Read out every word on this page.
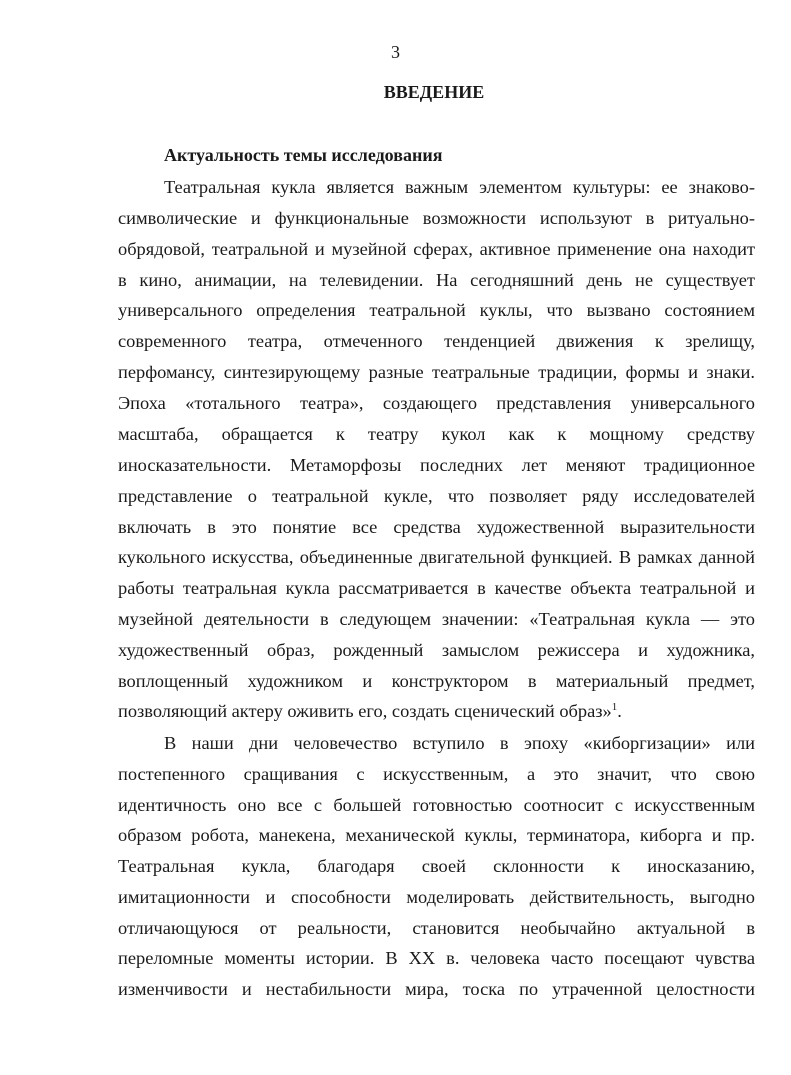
3
ВВЕДЕНИЕ
Актуальность темы исследования
Театральная кукла является важным элементом культуры: ее знаково-
символические и функциональные возможности используют в ритуально-
обрядовой, театральной и музейной сферах, активное применение она находит
в кино, анимации, на телевидении. На сегодняшний день не существует
универсального определения театральной куклы, что вызвано состоянием
современного театра, отмеченного тенденцией движения к зрелищу,
перфомансу, синтезирующему разные театральные традиции, формы и знаки.
Эпоха «тотального театра», создающего представления универсального
масштаба, обращается к театру кукол как к мощному средству
иносказательности. Метаморфозы последних лет меняют традиционное
представление о театральной кукле, что позволяет ряду исследователей
включать в это понятие все средства художественной выразительности
кукольного искусства, объединенные двигательной функцией. В рамках данной
работы театральная кукла рассматривается в качестве объекта театральной и
музейной деятельности в следующем значении: «Театральная кукла — это
художественный образ, рожденный замыслом режиссера и художника,
воплощенный художником и конструктором в материальный предмет,
позволяющий актеру оживить его, создать сценический образ»$^1$.
В наши дни человечество вступило в эпоху «киборгизации» или
постепенного сращивания с искусственным, а это значит, что свою
идентичность оно все с большей готовностью соотносит с искусственным
образом робота, манекена, механической куклы, терминатора, киборга и пр.
Театральная кукла, благодаря своей склонности к иносказанию,
имитационности и способности моделировать действительность, выгодно
отличающуюся от реальности, становится необычайно актуальной в
переломные моменты истории. В XX в. человека часто посещают чувства
изменчивости и нестабильности мира, тоска по утраченной целостности
